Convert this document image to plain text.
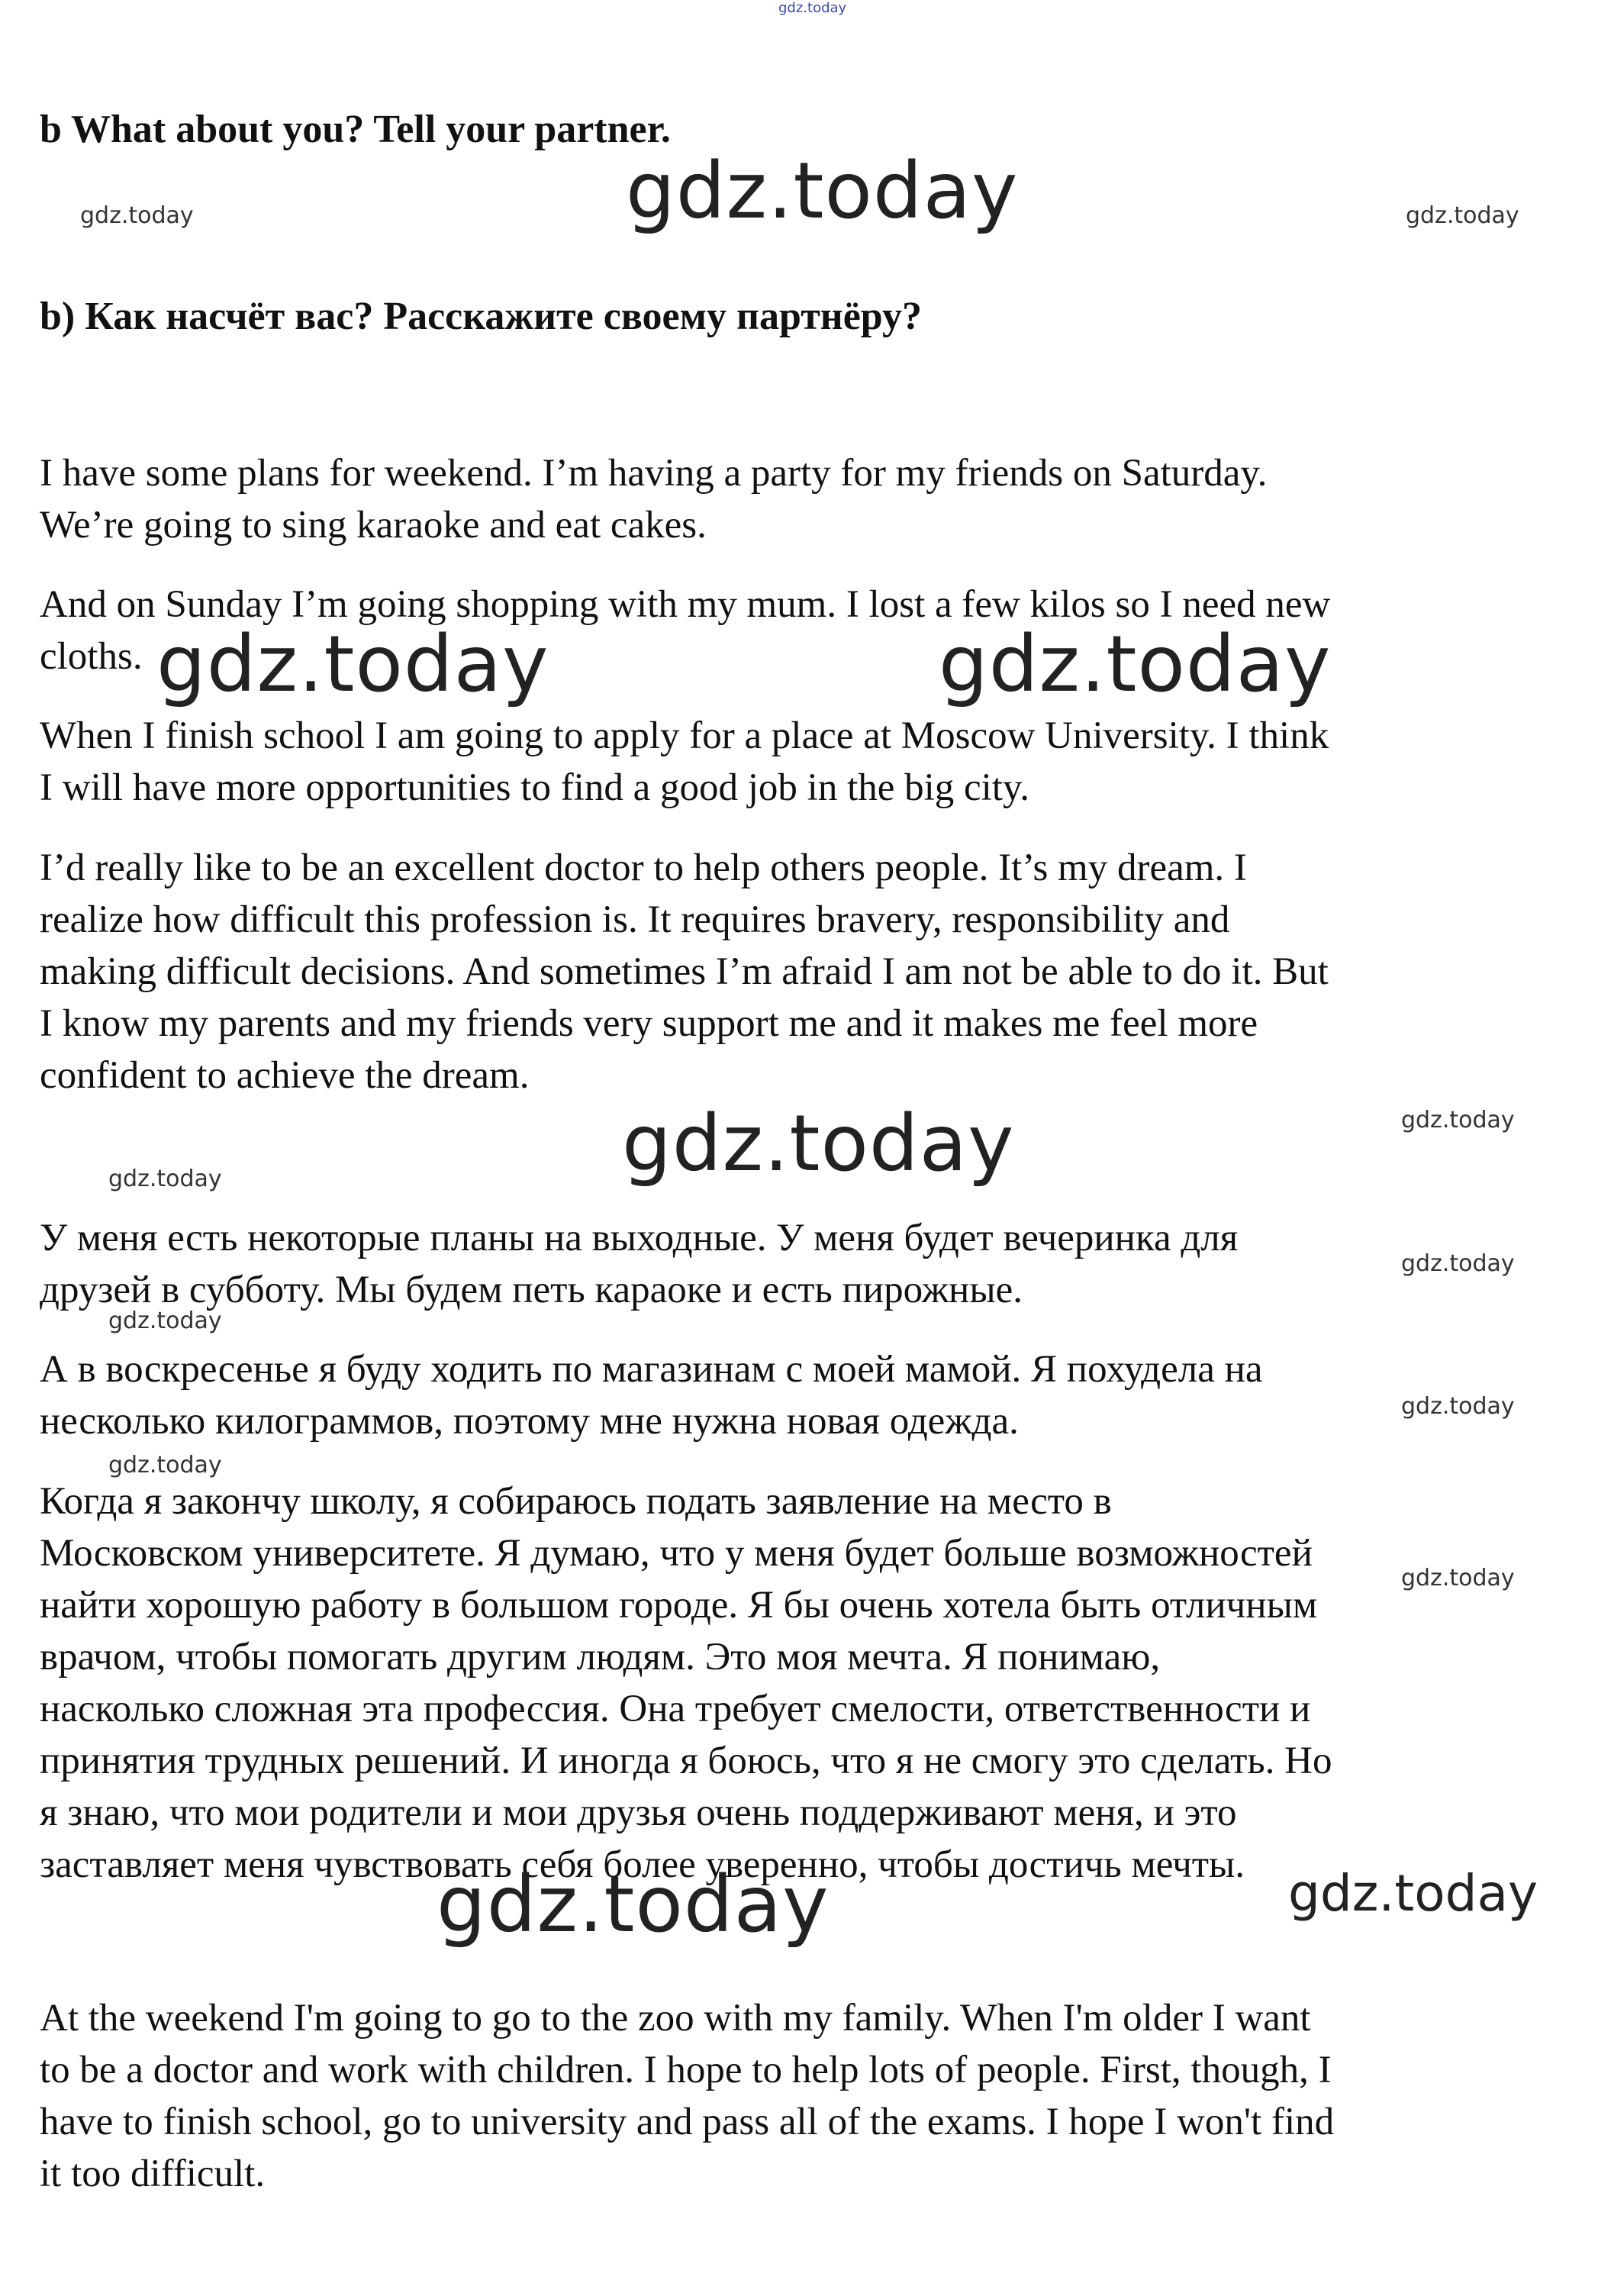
gdz.today
b What about you? Tell your partner.
gdz.today
gdz.today	gdz.today
b) Как насчёт вас? Расскажите своему партнёру?
I have some plans for weekend. I’m having a party for my friends on Saturday.
We’re going to sing karaoke and eat cakes.
And on Sunday I’m going shopping with my mum. I lost a few kilos so I need new
cloths. gdz.today	gdz.today
When I finish school I am going to apply for a place at Moscow University. I think
I will have more opportunities to find a good job in the big city.
I’d really like to be an excellent doctor to help others people. It’s my dream. I
realize how difficult this profession is. It requires bravery, responsibility and
making difficult decisions. And sometimes I’m afraid I am not be able to do it. But
I know my parents and my friends very support me and it makes me feel more
confident to achieve the dream.
gdz.today
gdz.today
gdz.today
У меня есть некоторые планы на выходные. У меня будет вечеринка для
друзей в субботу. Мы будем петь караоке и есть пирожные.
gdz.today
gdz.today
А в воскресенье я буду ходить по магазинам с моей мамой. Я похудела на
несколько килограммов, поэтому мне нужна новая одежда.	gdz.today
gdz.today
Когда я закончу школу, я собираюсь подать заявление на место в
Московском университете. Я думаю, что у меня будет больше возможностей
найти хорошую работу в большом городе. Я бы очень хотела быть отличным
врачом, чтобы помогать другим людям. Это моя мечта. Я понимаю,
насколько сложная эта профессия. Она требует смелости, ответственности и
принятия трудных решений. И иногда я боюсь, что я не смогу это сделать. Но
я знаю, что мои родители и мои друзья очень поддерживают меня, и это
заставляет меня чувствовать себя более уверенно, чтобы достичь мечты.
gdz.today
gdz.today	gdz.today
At the weekend I'm going to go to the zoo with my family. When I'm older I want
to be a doctor and work with children. I hope to help lots of people. First, though, I
have to finish school, go to university and pass all of the exams. I hope I won't find
it too difficult.
